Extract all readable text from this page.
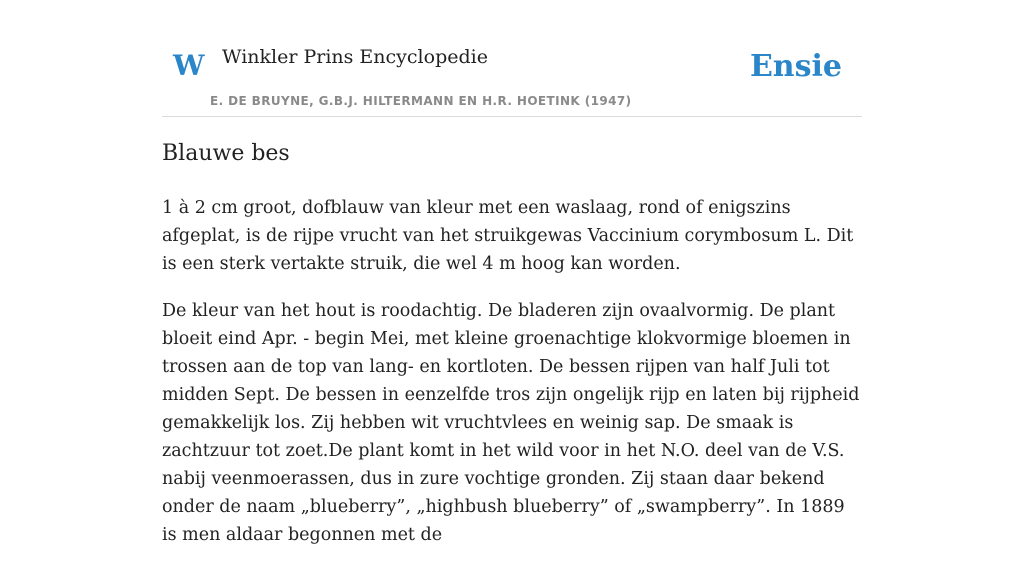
W Winkler Prins Encyclopedie
E. DE BRUYNE, G.B.J. HILTERMANN EN H.R. HOETINK (1947)
Ensie
Blauwe bes

1 à 2 cm groot, dofblauw van kleur met een waslaag, rond of enigszins afgeplat, is de rijpe vrucht van het struikgewas Vaccinium corymbosum L. Dit is een sterk vertakte struik, die wel 4 m hoog kan worden.

De kleur van het hout is roodachtig. De bladeren zijn ovaalvormig. De plant bloeit eind Apr. - begin Mei, met kleine groenachtige klokvormige bloemen in trossen aan de top van lang- en kortloten. De bessen rijpen van half Juli tot midden Sept. De bessen in eenzelfde tros zijn ongelijk rijp en laten bij rijpheid gemakkelijk los. Zij hebben wit vruchtvlees en weinig sap. De smaak is zachtzuur tot zoet.De plant komt in het wild voor in het N.O. deel van de V.S. nabij veenmoerassen, dus in zure vochtige gronden. Zij staan daar bekend onder de naam „blueberry”, „highbush blueberry” of „swampberry”. In 1889 is men aldaar begonnen met de
